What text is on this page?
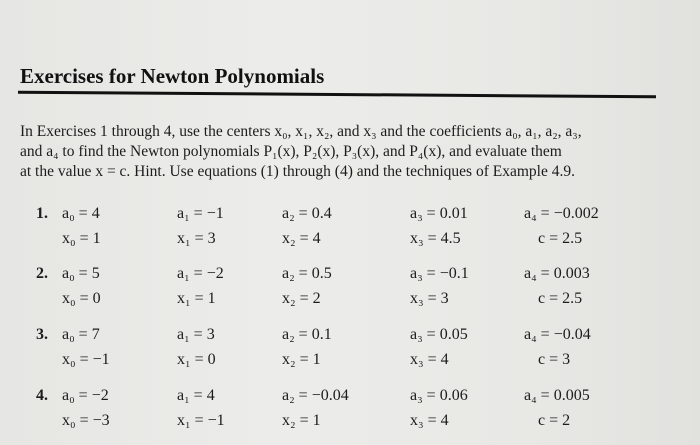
Exercises for Newton Polynomials
In Exercises 1 through 4, use the centers x₀, x₁, x₂, and x₃ and the coefficients a₀, a₁, a₂, a₃,
and a₄ to find the Newton polynomials P₁(x), P₂(x), P₃(x), and P₄(x), and evaluate them
at the value x = c. Hint. Use equations (1) through (4) and the techniques of Example 4.9.
1. a₀ = 4	a₁ = −1	a₂ = 0.4	a₃ = 0.01	a₄ = −0.002
x₀ = 1	x₁ = 3	x₂ = 4	x₃ = 4.5	c = 2.5
2. a₀ = 5	a₁ = −2	a₂ = 0.5	a₃ = −0.1	a₄ = 0.003
x₀ = 0	x₁ = 1	x₂ = 2	x₃ = 3	c = 2.5
3. a₀ = 7	a₁ = 3	a₂ = 0.1	a₃ = 0.05	a₄ = −0.04
x₀ = −1	x₁ = 0	x₂ = 1	x₃ = 4	c = 3
4. a₀ = −2	a₁ = 4	a₂ = −0.04	a₃ = 0.06	a₄ = 0.005
x₀ = −3	x₁ = −1	x₂ = 1	x₃ = 4	c = 2
